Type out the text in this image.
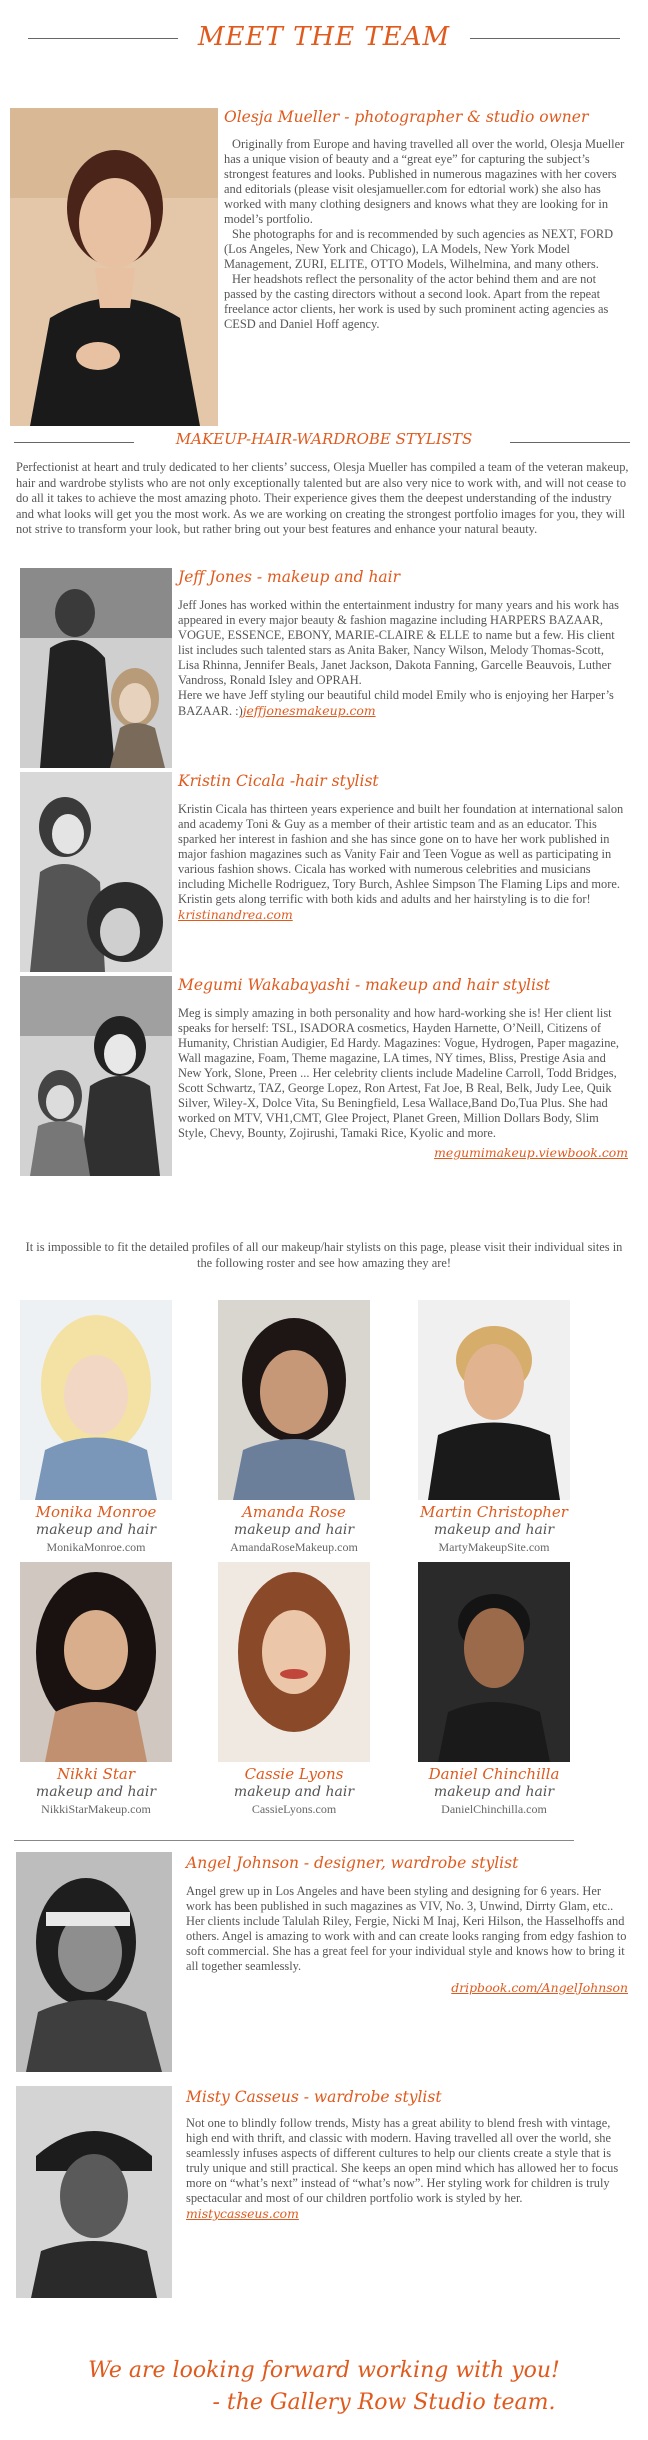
MEET THE TEAM
Olesja Mueller - photographer & studio owner

Originally from Europe and having travelled all over the world, Olesja Mueller has a unique vision of beauty and a “great eye” for capturing the subject’s strongest features and looks. Published in numerous magazines with her covers and editorials (please visit olesjamueller.com for edtorial work) she also has worked with many clothing designers and knows what they are looking for in model’s portfolio.

She photographs for and is recommended by such agencies as NEXT, FORD (Los Angeles, New York and Chicago), LA Models, New York Model Management, ZURI, ELITE, OTTO Models, Wilhelmina, and many others.

Her headshots reflect the personality of the actor behind them and are not passed by the casting directors without a second look. Apart from the repeat freelance actor clients, her work is used by such prominent acting agencies as CESD and Daniel Hoff agency.

MAKEUP-HAIR-WARDROBE STYLISTS
Perfectionist at heart and truly dedicated to her clients’ success, Olesja Mueller has compiled a team of the veteran makeup, hair and wardrobe stylists who are not only exceptionally talented but are also very nice to work with, and will not cease to do all it takes to achieve the most amazing photo. Their experience gives them the deepest understanding of the industry and what looks will get you the most work. As we are working on creating the strongest portfolio images for you, they will not strive to transform your look, but rather bring out your best features and enhance your natural beauty.
Jeff Jones - makeup and hair

Jeff Jones has worked within the entertainment industry for many years and his work has appeared in every major beauty & fashion magazine including HARPERS BAZAAR, VOGUE, ESSENCE, EBONY, MARIE-CLAIRE & ELLE to name but a few. His client list includes such talented stars as Anita Baker, Nancy Wilson, Melody Thomas-Scott, Lisa Rhinna, Jennifer Beals, Janet Jackson, Dakota Fanning, Garcelle Beauvois, Luther Vandross, Ronald Isley and OPRAH.

Here we have Jeff styling our beautiful child model Emily who is enjoying her Harper’s BAZAAR. :)jeffjonesmakeup.com

Kristin Cicala -hair stylist

Kristin Cicala has thirteen years experience and built her foundation at international salon and academy Toni & Guy as a member of their artistic team and as an educator. This sparked her interest in fashion and she has since gone on to have her work published in major fashion magazines such as Vanity Fair and Teen Vogue as well as participating in various fashion shows. Cicala has worked with numerous celebrities and musicians including Michelle Rodriguez, Tory Burch, Ashlee Simpson The Flaming Lips and more. Kristin gets along terrific with both kids and adults and her hairstyling is to die for! kristinandrea.com

Megumi Wakabayashi - makeup and hair stylist

Meg is simply amazing in both personality and how hard-working she is! Her client list speaks for herself: TSL, ISADORA cosmetics, Hayden Harnette, O’Neill, Citizens of Humanity, Christian Audigier, Ed Hardy. Magazines: Vogue, Hydrogen, Paper magazine, Wall magazine, Foam, Theme magazine, LA times, NY times, Bliss, Prestige Asia and New York, Slone, Preen ... Her celebrity clients include Madeline Carroll, Todd Bridges, Scott Schwartz, TAZ, George Lopez, Ron Artest, Fat Joe, B Real, Belk, Judy Lee, Quik Silver, Wiley-X, Dolce Vita, Su Beningfield, Lesa Wallace,Band Do,Tua Plus. She had worked on MTV, VH1,CMT, Glee Project, Planet Green, Million Dollars Body, Slim Style, Chevy, Bounty, Zojirushi, Tamaki Rice, Kyolic and more.

megumimakeup.viewbook.com

It is impossible to fit the detailed profiles of all our makeup/hair stylists on this page, please visit their individual sites in the following roster and see how amazing they are!
Monika Monroe
makeup and hair
MonikaMonroe.com
Amanda Rose
makeup and hair
AmandaRoseMakeup.com
Martin Christopher
makeup and hair
MartyMakeupSite.com
Nikki Star
makeup and hair
NikkiStarMakeup.com
Cassie Lyons
makeup and hair
CassieLyons.com
Daniel Chinchilla
makeup and hair
DanielChinchilla.com
Angel Johnson - designer, wardrobe stylist

Angel grew up in Los Angeles and have been styling and designing for 6 years. Her work has been published in such magazines as VIV, No. 3, Unwind, Dirrty Glam, etc.. Her clients include Talulah Riley, Fergie, Nicki M Inaj, Keri Hilson, the Hasselhoffs and others. Angel is amazing to work with and can create looks ranging from edgy fashion to soft commercial. She has a great feel for your individual style and knows how to bring it all together seamlessly.

dripbook.com/AngelJohnson

Misty Casseus - wardrobe stylist

Not one to blindly follow trends, Misty has a great ability to blend fresh with vintage, high end with thrift, and classic with modern. Having travelled all over the world, she seamlessly infuses aspects of different cultures to help our clients create a style that is truly unique and still practical. She keeps an open mind which has allowed her to focus more on “what’s next” instead of “what’s now”. Her styling work for children is truly spectacular and most of our children portfolio work is styled by her. mistycasseus.com

We are looking forward working with you!
- the Gallery Row Studio team.
